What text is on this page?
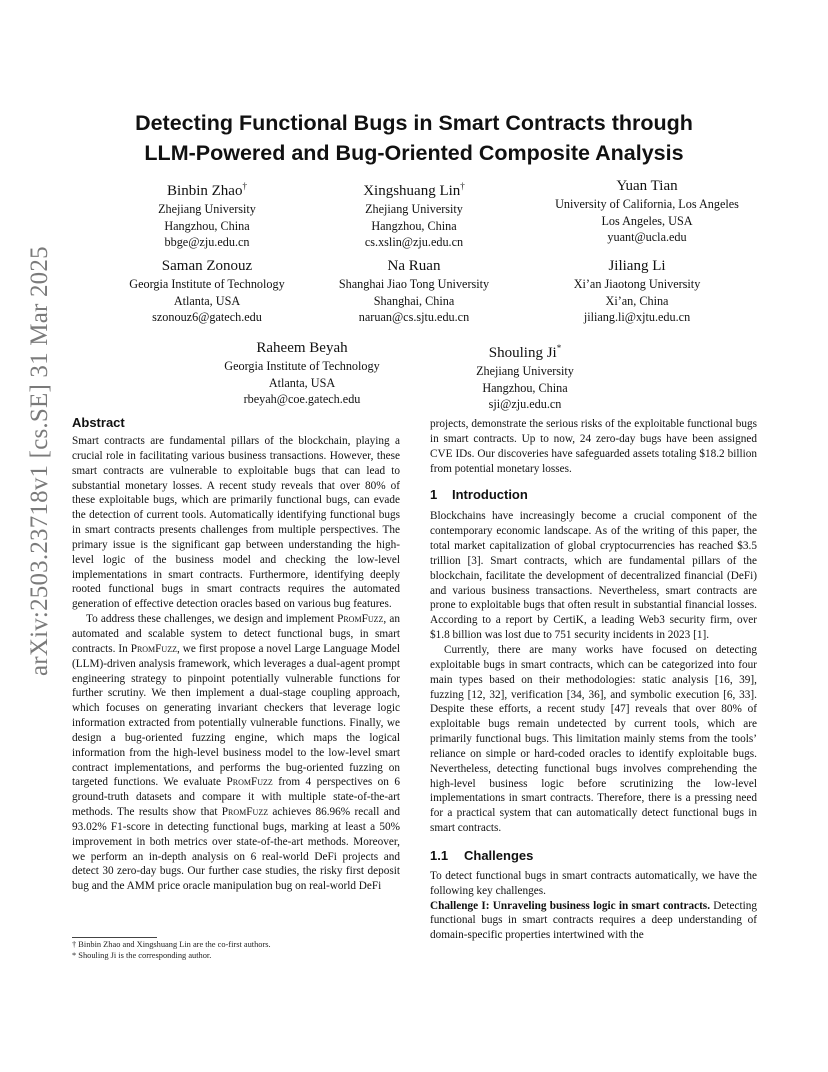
arXiv:2503.23718v1 [cs.SE] 31 Mar 2025
Detecting Functional Bugs in Smart Contracts through
LLM-Powered and Bug-Oriented Composite Analysis
Binbin Zhao†
Zhejiang University
Hangzhou, China
bbge@zju.edu.cn
Xingshuang Lin†
Zhejiang University
Hangzhou, China
cs.xslin@zju.edu.cn
Yuan Tian
University of California, Los Angeles
Los Angeles, USA
yuant@ucla.edu
Saman Zonouz
Georgia Institute of Technology
Atlanta, USA
szonouz6@gatech.edu
Na Ruan
Shanghai Jiao Tong University
Shanghai, China
naruan@cs.sjtu.edu.cn
Jiliang Li
Xi’an Jiaotong University
Xi’an, China
jiliang.li@xjtu.edu.cn
Raheem Beyah
Georgia Institute of Technology
Atlanta, USA
rbeyah@coe.gatech.edu
Shouling Ji*
Zhejiang University
Hangzhou, China
sji@zju.edu.cn
Abstract

Smart contracts are fundamental pillars of the blockchain, playing a crucial role in facilitating various business transactions. However, these smart contracts are vulnerable to exploitable bugs that can lead to substantial monetary losses. A recent study reveals that over 80% of these exploitable bugs, which are primarily functional bugs, can evade the detection of current tools. Automatically identifying functional bugs in smart contracts presents challenges from multiple perspectives. The primary issue is the significant gap between understanding the high-level logic of the business model and checking the low-level implementations in smart contracts. Furthermore, identifying deeply rooted functional bugs in smart contracts requires the automated generation of effective detection oracles based on various bug features.

To address these challenges, we design and implement PromFuzz, an automated and scalable system to detect functional bugs, in smart contracts. In PromFuzz, we first propose a novel Large Language Model (LLM)-driven analysis framework, which leverages a dual-agent prompt engineering strategy to pinpoint potentially vulnerable functions for further scrutiny. We then implement a dual-stage coupling approach, which focuses on generating invariant checkers that leverage logic information extracted from potentially vulnerable functions. Finally, we design a bug-oriented fuzzing engine, which maps the logical information from the high-level business model to the low-level smart contract implementations, and performs the bug-oriented fuzzing on targeted functions. We evaluate PromFuzz from 4 perspectives on 6 ground-truth datasets and compare it with multiple state-of-the-art methods. The results show that PromFuzz achieves 86.96% recall and 93.02% F1-score in detecting functional bugs, marking at least a 50% improvement in both metrics over state-of-the-art methods. Moreover, we perform an in-depth analysis on 6 real-world DeFi projects and detect 30 zero-day bugs. Our further case studies, the risky first deposit bug and the AMM price oracle manipulation bug on real-world DeFi

projects, demonstrate the serious risks of the exploitable functional bugs in smart contracts. Up to now, 24 zero-day bugs have been assigned CVE IDs. Our discoveries have safeguarded assets totaling $18.2 billion from potential monetary losses.

1 Introduction

Blockchains have increasingly become a crucial component of the contemporary economic landscape. As of the writing of this paper, the total market capitalization of global cryptocurrencies has reached $3.5 trillion [3]. Smart contracts, which are fundamental pillars of the blockchain, facilitate the development of decentralized financial (DeFi) and various business transactions. Nevertheless, smart contracts are prone to exploitable bugs that often result in substantial financial losses. According to a report by CertiK, a leading Web3 security firm, over $1.8 billion was lost due to 751 security incidents in 2023 [1].

Currently, there are many works have focused on detecting exploitable bugs in smart contracts, which can be categorized into four main types based on their methodologies: static analysis [16, 39], fuzzing [12, 32], verification [34, 36], and symbolic execution [6, 33]. Despite these efforts, a recent study [47] reveals that over 80% of exploitable bugs remain undetected by current tools, which are primarily functional bugs. This limitation mainly stems from the tools’ reliance on simple or hard-coded oracles to identify exploitable bugs. Nevertheless, detecting functional bugs involves comprehending the high-level business logic before scrutinizing the low-level implementations in smart contracts. Therefore, there is a pressing need for a practical system that can automatically detect functional bugs in smart contracts.

1.1 Challenges

To detect functional bugs in smart contracts automatically, we have the following key challenges.

Challenge I: Unraveling business logic in smart contracts. Detecting functional bugs in smart contracts requires a deep understanding of domain-specific properties intertwined with the

† Binbin Zhao and Xingshuang Lin are the co-first authors.
* Shouling Ji is the corresponding author.
